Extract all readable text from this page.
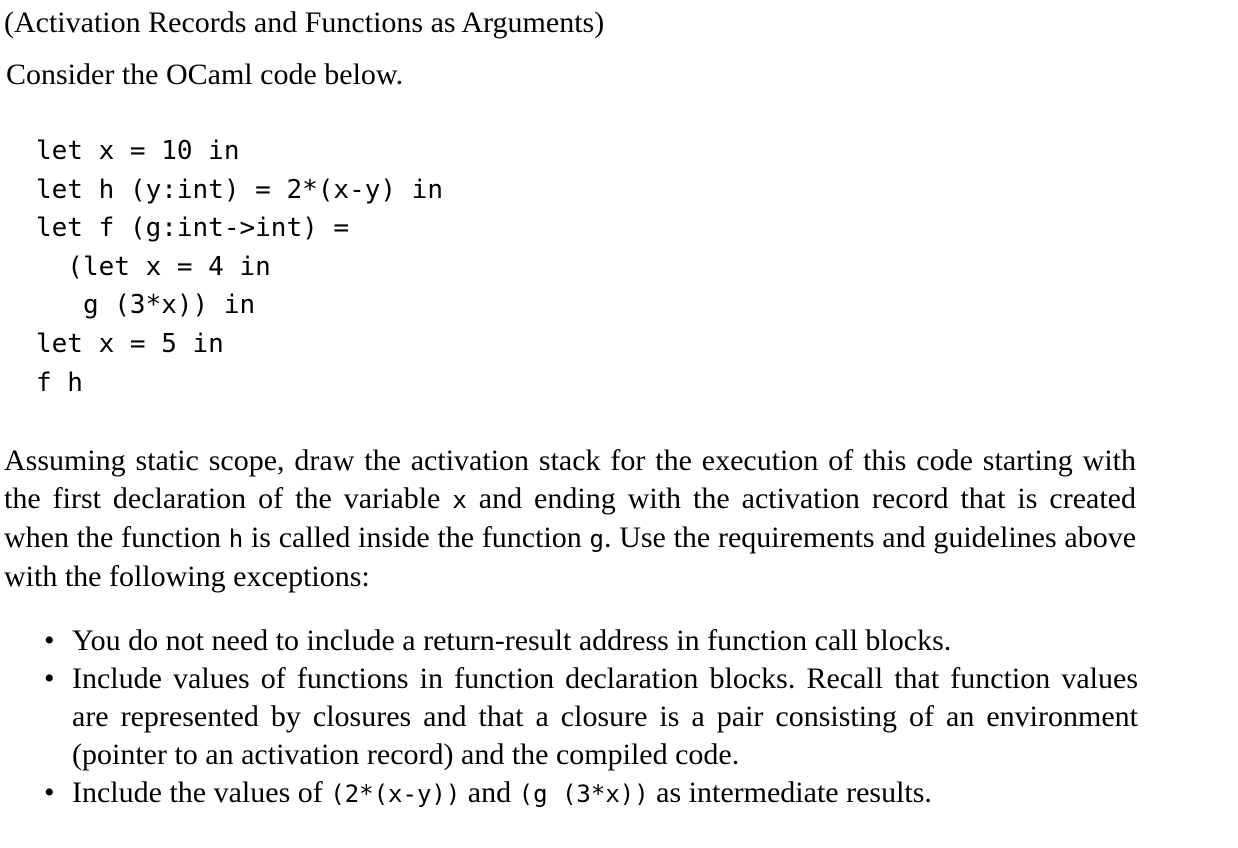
(Activation Records and Functions as Arguments)

Consider the OCaml code below.

let x = 10 in
let h (y:int) = 2*(x-y) in
let f (g:int->int) =
(let x = 4 in
g (3*x)) in
let x = 5 in
f h

Assuming static scope, draw the activation stack for the execution of this code starting with the first declaration of the variable x and ending with the activation record that is created when the function h is called inside the function g. Use the requirements and guidelines above with the following exceptions:

• You do not need to include a return-result address in function call blocks.
• Include values of functions in function declaration blocks. Recall that function values are represented by closures and that a closure is a pair consisting of an environment (pointer to an activation record) and the compiled code.
• Include the values of (2*(x-y)) and (g (3*x)) as intermediate results.
